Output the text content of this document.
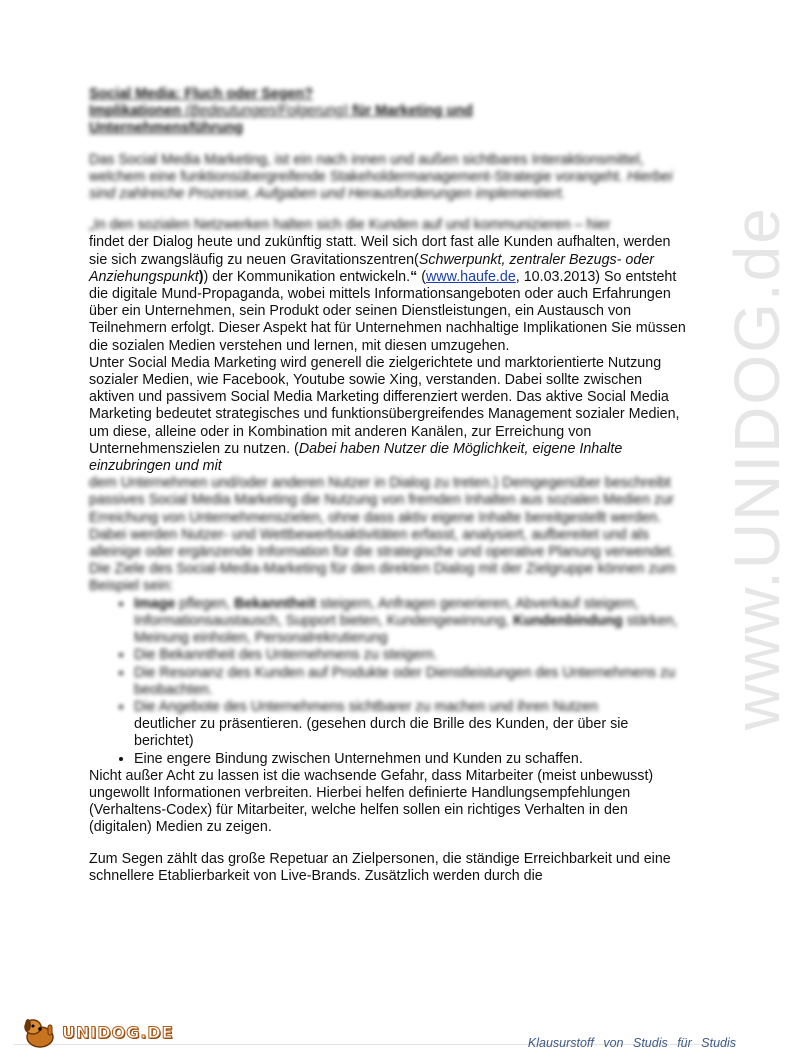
www.UNIDOG.de
Social Media: Fluch oder Segen?
Implikationen (Bedeutungen/Folgerung) für Marketing und
Unternehmensführung

Das Social Media Marketing, ist ein nach innen und außen sichtbares Interaktionsmittel, welchem eine funktionsübergreifende Stakeholdermanagement-Strategie vorangeht. Hierbei sind zahlreiche Prozesse, Aufgaben und Herausforderungen implementiert.

„In den sozialen Netzwerken halten sich die Kunden auf und kommunizieren – hier

findet der Dialog heute und zukünftig statt. Weil sich dort fast alle Kunden aufhalten, werden sie sich zwangsläufig zu neuen Gravitationszentren(Schwerpunkt, zentraler Bezugs- oder Anziehungspunkt)) der Kommunikation entwickeln.“ (www.haufe.de, 10.03.2013) So entsteht die digitale Mund-Propaganda, wobei mittels Informationsangeboten oder auch Erfahrungen über ein Unternehmen, sein Produkt oder seinen Dienstleistungen, ein Austausch von Teilnehmern erfolgt. Dieser Aspekt hat für Unternehmen nachhaltige Implikationen Sie müssen die sozialen Medien verstehen und lernen, mit diesen umzugehen.

Unter Social Media Marketing wird generell die zielgerichtete und marktorientierte Nutzung sozialer Medien, wie Facebook, Youtube sowie Xing, verstanden. Dabei sollte zwischen aktiven und passivem Social Media Marketing differenziert werden. Das aktive Social Media Marketing bedeutet strategisches und funktionsübergreifendes Management sozialer Medien, um diese, alleine oder in Kombination mit anderen Kanälen, zur Erreichung von Unternehmenszielen zu nutzen. (Dabei haben Nutzer die Möglichkeit, eigene Inhalte einzubringen und mit

dem Unternehmen und/oder anderen Nutzer in Dialog zu treten.) Demgegenüber beschreibt passives Social Media Marketing die Nutzung von fremden Inhalten aus sozialen Medien zur Erreichung von Unternehmenszielen, ohne dass aktiv eigene Inhalte bereitgestellt werden. Dabei werden Nutzer- und Wettbewerbsaktivitäten erfasst, analysiert, aufbereitet und als alleinige oder ergänzende Information für die strategische und operative Planung verwendet. Die Ziele des Social-Media-Marketing für den direkten Dialog mit der Zielgruppe können zum Beispiel sein:

• Image pflegen, Bekanntheit steigern, Anfragen generieren, Abverkauf steigern, Informationsaustausch, Support bieten, Kundengewinnung, Kundenbindung stärken, Meinung einholen, Personalrekrutierung
• Die Bekanntheit des Unternehmens zu steigern.
• Die Resonanz des Kunden auf Produkte oder Dienstleistungen des Unternehmens zu beobachten.
• Die Angebote des Unternehmens sichtbarer zu machen und ihren Nutzen
deutlicher zu präsentieren. (gesehen durch die Brille des Kunden, der über sie berichtet)
• Eine engere Bindung zwischen Unternehmen und Kunden zu schaffen.

Nicht außer Acht zu lassen ist die wachsende Gefahr, dass Mitarbeiter (meist unbewusst) ungewollt Informationen verbreiten. Hierbei helfen definierte Handlungsempfehlungen (Verhaltens-Codex) für Mitarbeiter, welche helfen sollen ein richtiges Verhalten in den (digitalen) Medien zu zeigen.

Zum Segen zählt das große Repetuar an Zielpersonen, die ständige Erreichbarkeit und eine schnellere Etablierbarkeit von Live-Brands. Zusätzlich werden durch die

UNIDOG.DE
Klausurstoff von Studis für Studis
